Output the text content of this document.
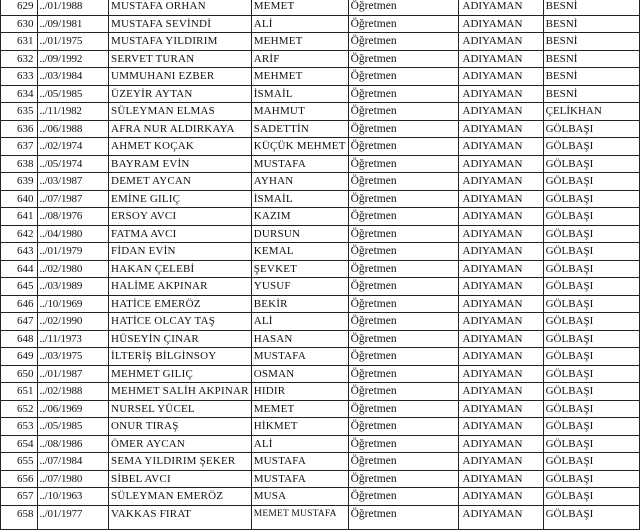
629	../01/1988	MUSTAFA ORHAN	MEMET	Öğretmen	ADIYAMAN	BESNİ
630	../09/1981	MUSTAFA SEVİNDİ	ALİ	Öğretmen	ADIYAMAN	BESNİ
631	../01/1975	MUSTAFA YILDIRIM	MEHMET	Öğretmen	ADIYAMAN	BESNİ
632	../09/1992	SERVET TURAN	ARİF	Öğretmen	ADIYAMAN	BESNİ
633	../03/1984	UMMUHANI EZBER	MEHMET	Öğretmen	ADIYAMAN	BESNİ
634	../05/1985	ÜZEYİR AYTAN	İSMAİL	Öğretmen	ADIYAMAN	BESNİ
635	../11/1982	SÜLEYMAN ELMAS	MAHMUT	Öğretmen	ADIYAMAN	ÇELİKHAN
636	../06/1988	AFRA NUR ALDIRKAYA	SADETTİN	Öğretmen	ADIYAMAN	GÖLBAŞI
637	../02/1974	AHMET KOÇAK	KÜÇÜK MEHMET	Öğretmen	ADIYAMAN	GÖLBAŞI
638	../05/1974	BAYRAM EVİN	MUSTAFA	Öğretmen	ADIYAMAN	GÖLBAŞI
639	../03/1987	DEMET AYCAN	AYHAN	Öğretmen	ADIYAMAN	GÖLBAŞI
640	../07/1987	EMİNE GILIÇ	İSMAİL	Öğretmen	ADIYAMAN	GÖLBAŞI
641	../08/1976	ERSOY AVCI	KAZIM	Öğretmen	ADIYAMAN	GÖLBAŞI
642	../04/1980	FATMA AVCI	DURSUN	Öğretmen	ADIYAMAN	GÖLBAŞI
643	../01/1979	FİDAN EVİN	KEMAL	Öğretmen	ADIYAMAN	GÖLBAŞI
644	../02/1980	HAKAN ÇELEBİ	ŞEVKET	Öğretmen	ADIYAMAN	GÖLBAŞI
645	../03/1989	HALİME AKPINAR	YUSUF	Öğretmen	ADIYAMAN	GÖLBAŞI
646	../10/1969	HATİCE EMERÖZ	BEKİR	Öğretmen	ADIYAMAN	GÖLBAŞI
647	../02/1990	HATİCE OLCAY TAŞ	ALİ	Öğretmen	ADIYAMAN	GÖLBAŞI
648	../11/1973	HÜSEYİN ÇINAR	HASAN	Öğretmen	ADIYAMAN	GÖLBAŞI
649	../03/1975	İLTERİŞ BİLGİNSOY	MUSTAFA	Öğretmen	ADIYAMAN	GÖLBAŞI
650	../01/1987	MEHMET GILIÇ	OSMAN	Öğretmen	ADIYAMAN	GÖLBAŞI
651	../02/1988	MEHMET SALİH AKPINAR	HIDIR	Öğretmen	ADIYAMAN	GÖLBAŞI
652	../06/1969	NURSEL YÜCEL	MEMET	Öğretmen	ADIYAMAN	GÖLBAŞI
653	../05/1985	ONUR TIRAŞ	HİKMET	Öğretmen	ADIYAMAN	GÖLBAŞI
654	../08/1986	ÖMER AYCAN	ALİ	Öğretmen	ADIYAMAN	GÖLBAŞI
655	../07/1984	SEMA YILDIRIM ŞEKER	MUSTAFA	Öğretmen	ADIYAMAN	GÖLBAŞI
656	../07/1980	SİBEL AVCI	MUSTAFA	Öğretmen	ADIYAMAN	GÖLBAŞI
657	../10/1963	SÜLEYMAN EMERÖZ	MUSA	Öğretmen	ADIYAMAN	GÖLBAŞI
658	../01/1977	VAKKAS FIRAT	MEMET MUSTAFA	Öğretmen	ADIYAMAN	GÖLBAŞI
